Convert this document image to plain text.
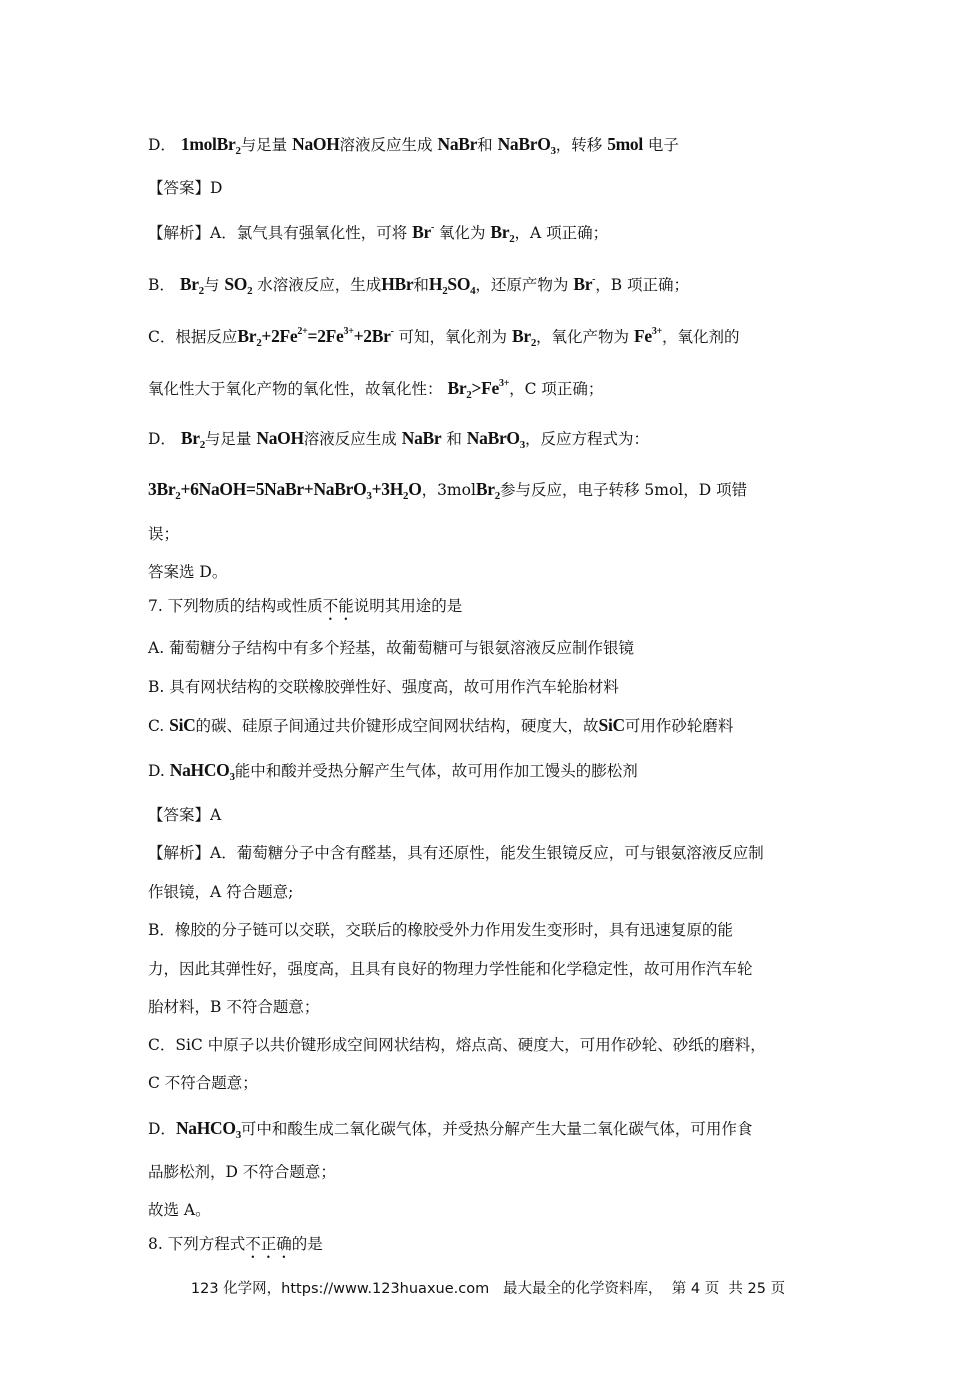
D． 1molBr$_2$与足量 NaOH溶液反应生成 NaBr和 NaBrO$_3$，转移 5mol 电子
【答案】D
【解析】A．氯气具有强氧化性，可将 Br- 氧化为 $Br_2$，A 项正确；
B． $Br_2$与 $SO_2$ 水溶液反应，生成HBr和$H_2SO_4$，还原产物为 Br-，B 项正确；
C．根据反应$Br_2+2Fe^{2+}=2Fe^{3+}+2Br^-$ 可知，氧化剂为 $Br_2$，氧化产物为 $Fe^{3+}$，氧化剂的
氧化性大于氧化产物的氧化性，故氧化性： $Br_2>Fe^{3+}$，C 项正确；
D． $Br_2$与足量 NaOH溶液反应生成 NaBr 和 NaBrO$_3$，反应方程式为：
$3Br_2+6NaOH=5NaBr+NaBrO_3+3H_2O$，3molBr$_2$参与反应，电子转移 5mol，D 项错
误；
答案选 D。
7. 下列物质的结构或性质不能说明其用途的是
A. 葡萄糖分子结构中有多个羟基，故葡萄糖可与银氨溶液反应制作银镜
B. 具有网状结构的交联橡胶弹性好、强度高，故可用作汽车轮胎材料
C. SiC的碳、硅原子间通过共价键形成空间网状结构，硬度大，故SiC可用作砂轮磨料
D. NaHCO$_3$能中和酸并受热分解产生气体，故可用作加工馒头的膨松剂
【答案】A
【解析】A．葡萄糖分子中含有醛基，具有还原性，能发生银镜反应，可与银氨溶液反应制
作银镜，A 符合题意;
B．橡胶的分子链可以交联，交联后的橡胶受外力作用发生变形时，具有迅速复原的能
力，因此其弹性好，强度高，且具有良好的物理力学性能和化学稳定性，故可用作汽车轮
胎材料，B 不符合题意；
C．SiC 中原子以共价键形成空间网状结构，熔点高、硬度大，可用作砂轮、砂纸的磨料，
C 不符合题意；
D．NaHCO$_3$可中和酸生成二氧化碳气体，并受热分解产生大量二氧化碳气体，可用作食
品膨松剂，D 不符合题意；
故选 A。
8. 下列方程式不正确的是
123 化学网，https://www.123huaxue.com   最大最全的化学资料库，  第 4 页  共 25 页
